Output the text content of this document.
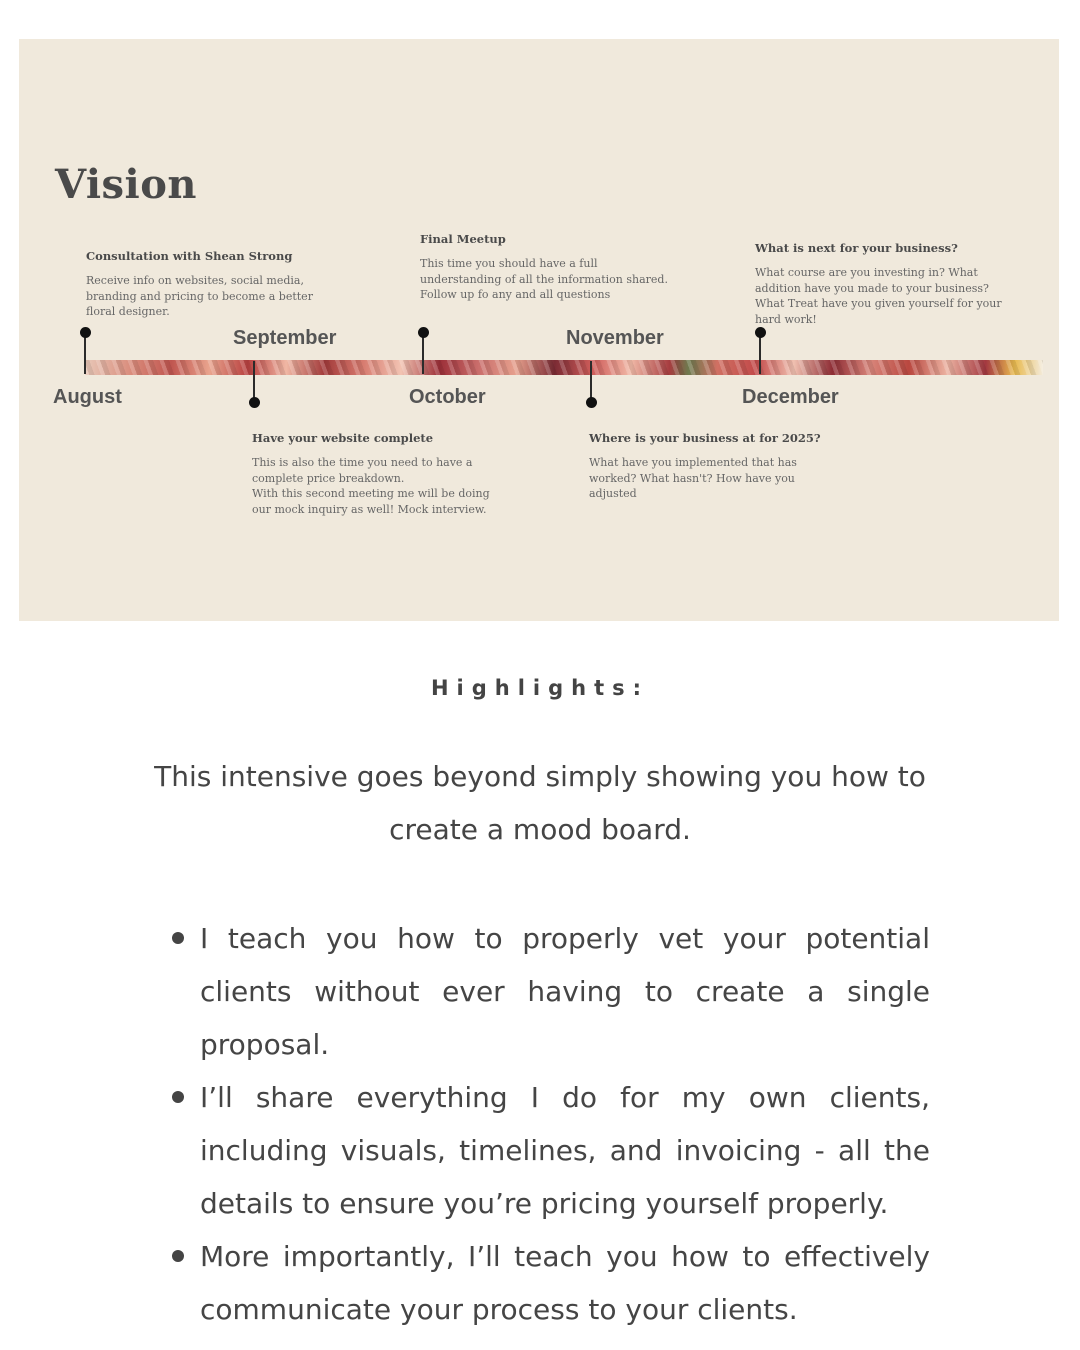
Vision
August
September
October
November
December
Consultation with Shean Strong
Receive info on websites, social media,
branding and pricing to become a better
floral designer.
Have your website complete
This is also the time you need to have a
complete price breakdown.
With this second meeting me will be doing
our mock inquiry as well! Mock interview.
Final Meetup
This time you should have a full
understanding of all the information shared.
Follow up fo any and all questions
Where is your business at for 2025?
What have you implemented that has
worked? What hasn't? How have you adjusted
What is next for your business?
What course are you investing in? What
addition have you made to your business?
What Treat have you given yourself for your
hard work!
Highlights:
This intensive goes beyond simply showing you how to create a mood board.
I teach you how to properly vet your potential clients without ever having to create a single proposal.
I’ll share everything I do for my own clients, including visuals, timelines, and invoicing - all the details to ensure you’re pricing yourself properly.
More importantly, I’ll teach you how to effectively communicate your process to your clients.
